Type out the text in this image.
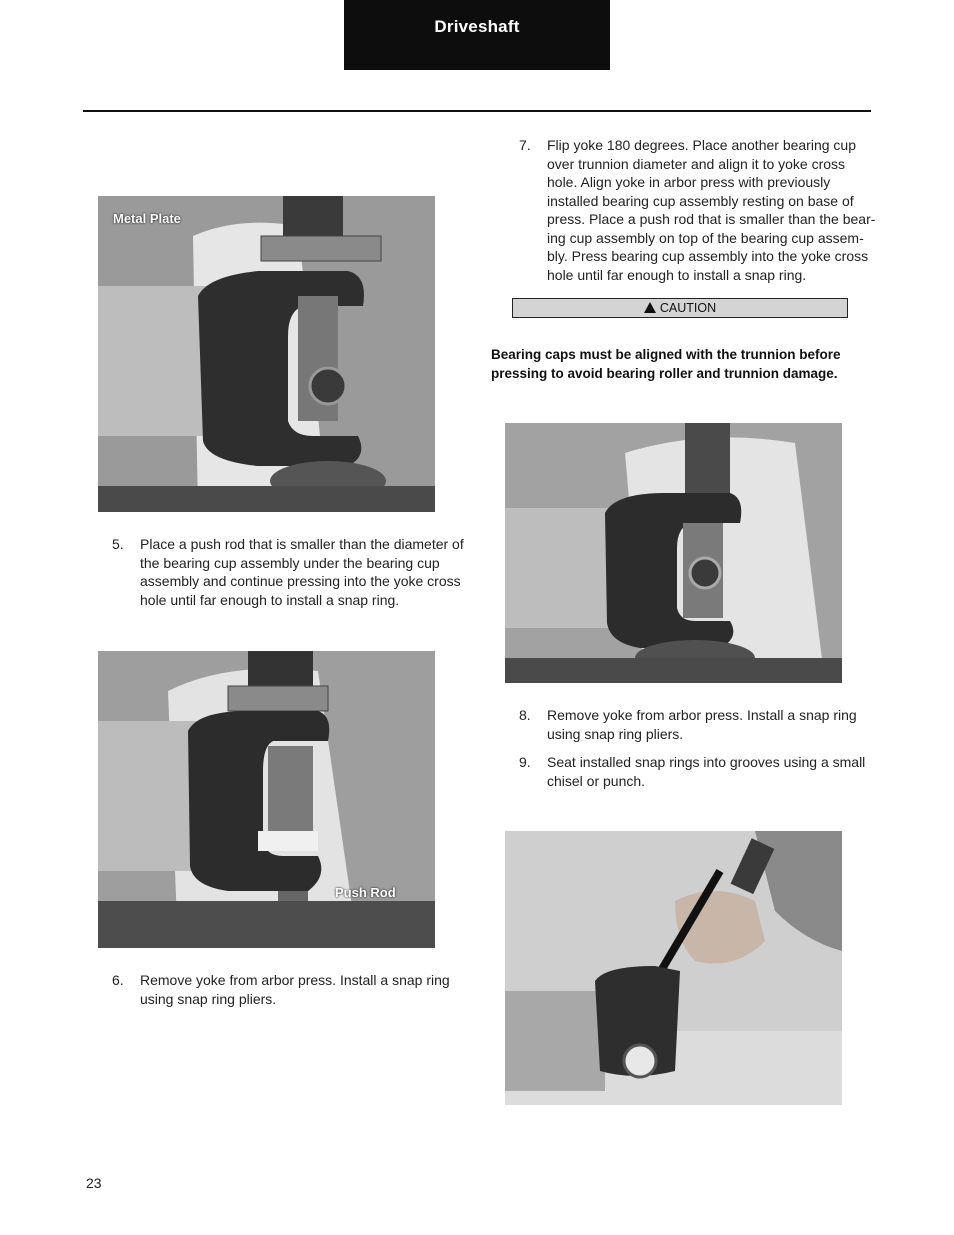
Driveshaft
Metal Plate
5. Place a push rod that is smaller than the diameter of
the bearing cup assembly under the bearing cup
assembly and continue pressing into the yoke cross
hole until far enough to install a snap ring.
Push Rod
6. Remove yoke from arbor press. Install a snap ring
using snap ring pliers.
7. Flip yoke 180 degrees. Place another bearing cup
over trunnion diameter and align it to yoke cross
hole. Align yoke in arbor press with previously
installed bearing cup assembly resting on base of
press. Place a push rod that is smaller than the bear-
ing cup assembly on top of the bearing cup assem-
bly. Press bearing cup assembly into the yoke cross
hole until far enough to install a snap ring.
CAUTION
Bearing caps must be aligned with the trunnion before
pressing to avoid bearing roller and trunnion damage.
8. Remove yoke from arbor press. Install a snap ring
using snap ring pliers.
9. Seat installed snap rings into grooves using a small
chisel or punch.
23
